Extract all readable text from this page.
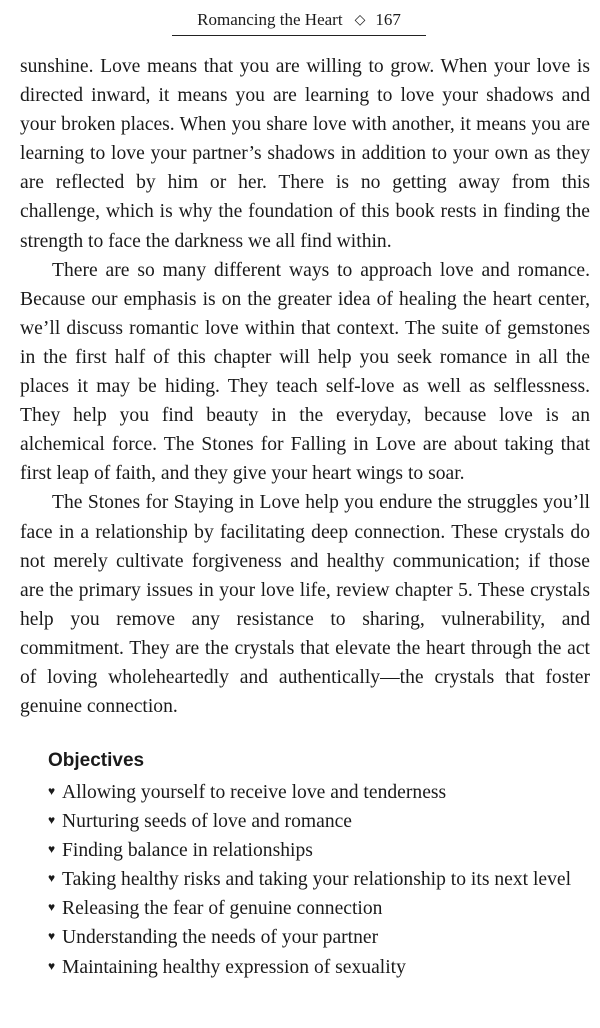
Romancing the Heart ◇ 167

sunshine. Love means that you are willing to grow. When your love is directed inward, it means you are learning to love your shadows and your broken places. When you share love with another, it means you are learning to love your partner’s shadows in addition to your own as they are reflected by him or her. There is no getting away from this challenge, which is why the foundation of this book rests in finding the strength to face the darkness we all find within.

There are so many different ways to approach love and romance. Because our emphasis is on the greater idea of healing the heart center, we’ll discuss romantic love within that context. The suite of gemstones in the first half of this chapter will help you seek romance in all the places it may be hiding. They teach self-love as well as selflessness. They help you find beauty in the everyday, because love is an alchemical force. The Stones for Falling in Love are about taking that first leap of faith, and they give your heart wings to soar.

The Stones for Staying in Love help you endure the struggles you’ll face in a relationship by facilitating deep connection. These crystals do not merely cultivate forgiveness and healthy communication; if those are the primary issues in your love life, review chapter 5. These crystals help you remove any resistance to sharing, vulnerability, and commitment. They are the crystals that elevate the heart through the act of loving wholeheartedly and authentically—the crystals that foster genuine connection.

Objectives
♥ Allowing yourself to receive love and tenderness
♥ Nurturing seeds of love and romance
♥ Finding balance in relationships
♥ Taking healthy risks and taking your relationship to its next level
♥ Releasing the fear of genuine connection
♥ Understanding the needs of your partner
♥ Maintaining healthy expression of sexuality
